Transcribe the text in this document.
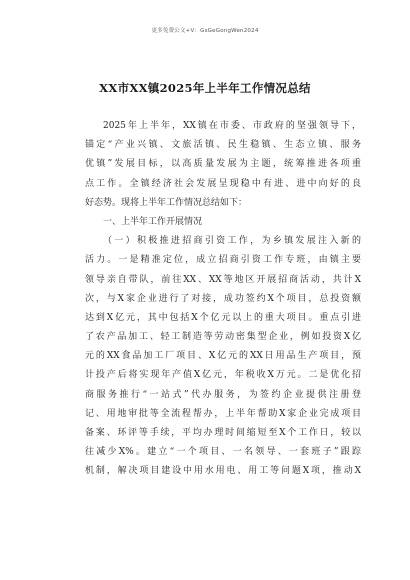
更多免费公文+V：GsGeGongWen2024
XX市XX镇2025年上半年工作情况总结
2025年上半年，XX镇在市委、市政府的坚强领导下，
锚定“产业兴镇、文旅活镇、民生稳镇、生态立镇、服务
优镇”发展目标，以高质量发展为主题，统筹推进各项重
点工作。全镇经济社会发展呈现稳中有进、进中向好的良
好态势。现将上半年工作情况总结如下：
一、上半年工作开展情况
（一）积极推进招商引资工作，为乡镇发展注入新的
活力。一是精准定位，成立招商引资工作专班，由镇主要
领导亲自带队，前往XX、XX等地区开展招商活动，共计X
次，与X家企业进行了对接，成功签约X个项目，总投资额
达到X亿元，其中包括X个亿元以上的重大项目。重点引进
了农产品加工、轻工制造等劳动密集型企业，例如投资X亿
元的XX食品加工厂项目、X亿元的XX日用品生产项目，预
计投产后将实现年产值X亿元，年税收X万元。二是优化招
商服务推行“一站式”代办服务，为签约企业提供注册登
记、用地审批等全流程帮办，上半年帮助X家企业完成项目
备案、环评等手续，平均办理时间缩短至X个工作日，较以
往减少X%。建立“一个项目、一名领导、一套班子”跟踪
机制，解决项目建设中用水用电、用工等问题X项，推动X
